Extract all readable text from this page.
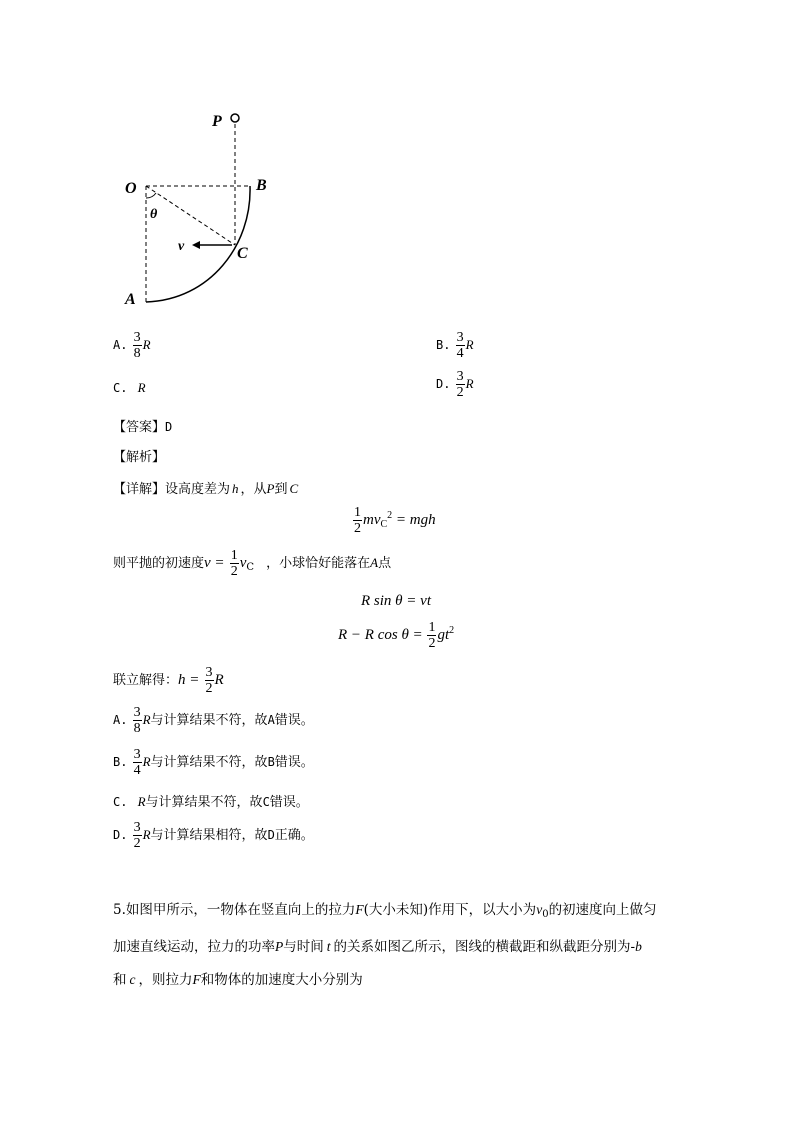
P
O	B
θ
v	C
A
A. $\frac{3}{8}$ R	B. $\frac{3}{4}$ R
C. R	D. $\frac{3}{2}$ R
【答案】D
【解析】
【详解】设高度差为 h ，从P到 C
$\frac{1}{2} mv_C^2$ = mgh
则平抛的初速度$v = \frac{1}{2} v_C$ ，小球恰好能落在A点
R sin θ = vt
R − R $\cos \theta = \frac{1}{2} gt^2$
联立解得：$h = \frac{3}{2}$ R
A. $\frac{3}{8}$ R与计算结果不符，故A错误。
B. $\frac{3}{4}$ R与计算结果不符，故B错误。
C. R与计算结果不符，故C错误。
D. $\frac{3}{2}$ R与计算结果相符，故D正确。
5.如图甲所示，一物体在竖直向上的拉力F(大小未知)作用下，以大小为$v_0$的初速度向上做匀
加速直线运动，拉力的功率P与时间 t 的关系如图乙所示，图线的横截距和纵截距分别为-b
和 c ，则拉力F和物体的加速度大小分别为
